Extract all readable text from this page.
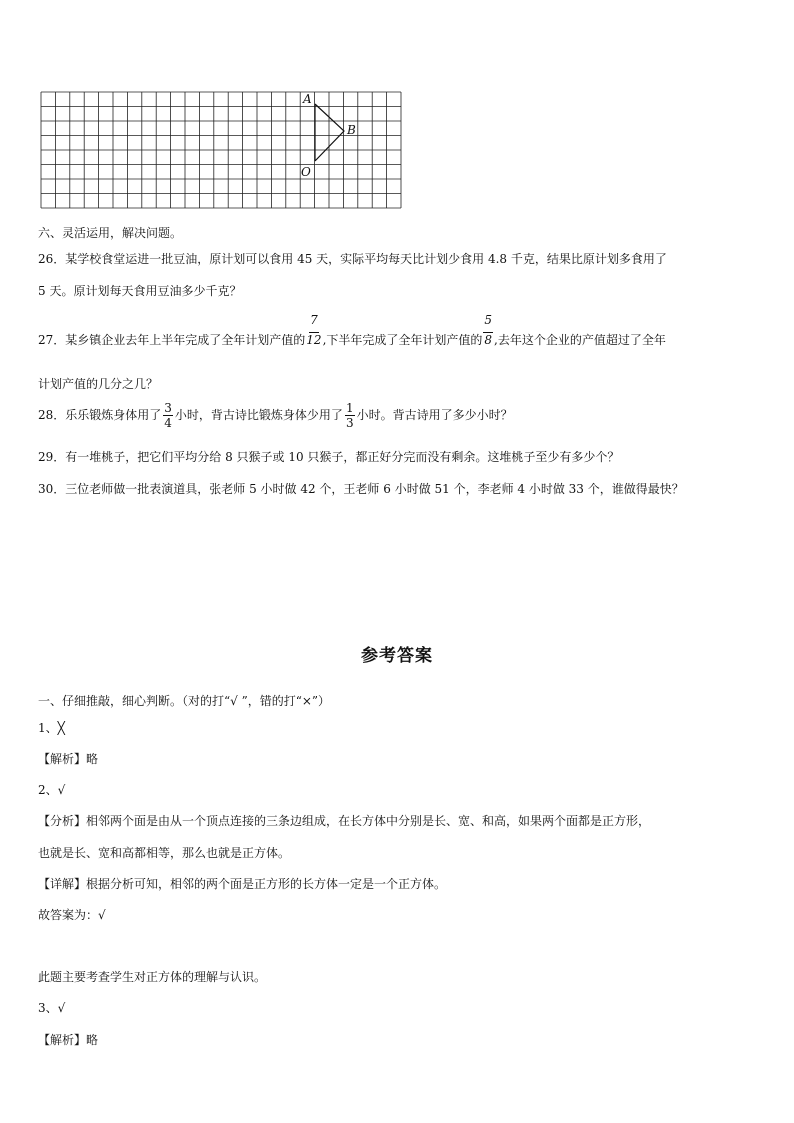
A
B
O
六、灵活运用，解决问题。
26．某学校食堂运进一批豆油，原计划可以食用 45 天，实际平均每天比计划少食用 4.8 千克，结果比原计划多食用了
5 天。原计划每天食用豆油多少千克？
27．某乡镇企业去年上半年完成了全年计划产值的 $\frac{7}{12}$ ,下半年完成了全年计划产值的 $\frac{5}{8}$ ,去年这个企业的产值超过了全年
计划产值的几分之几？
28．乐乐锻炼身体用了 $\frac{3}{4}$ 小时，背古诗比锻炼身体少用了 $\frac{1}{3}$ 小时。背古诗用了多少小时？
29．有一堆桃子，把它们平均分给 8 只猴子或 10 只猴子，都正好分完而没有剩余。这堆桃子至少有多少个？
30．三位老师做一批表演道具，张老师 5 小时做 42 个，王老师 6 小时做 51 个，李老师 4 小时做 33 个，谁做得最快？
参考答案
一、仔细推敲，细心判断。（对的打“√ ”，错的打“×”）
1、╳
【解析】略
2、√
【分析】相邻两个面是由从一个顶点连接的三条边组成，在长方体中分别是长、宽、和高，如果两个面都是正方形，
也就是长、宽和高都相等，那么也就是正方体。
【详解】根据分析可知，相邻的两个面是正方形的长方体一定是一个正方体。
故答案为：√
此题主要考查学生对正方体的理解与认识。
3、√
【解析】略
